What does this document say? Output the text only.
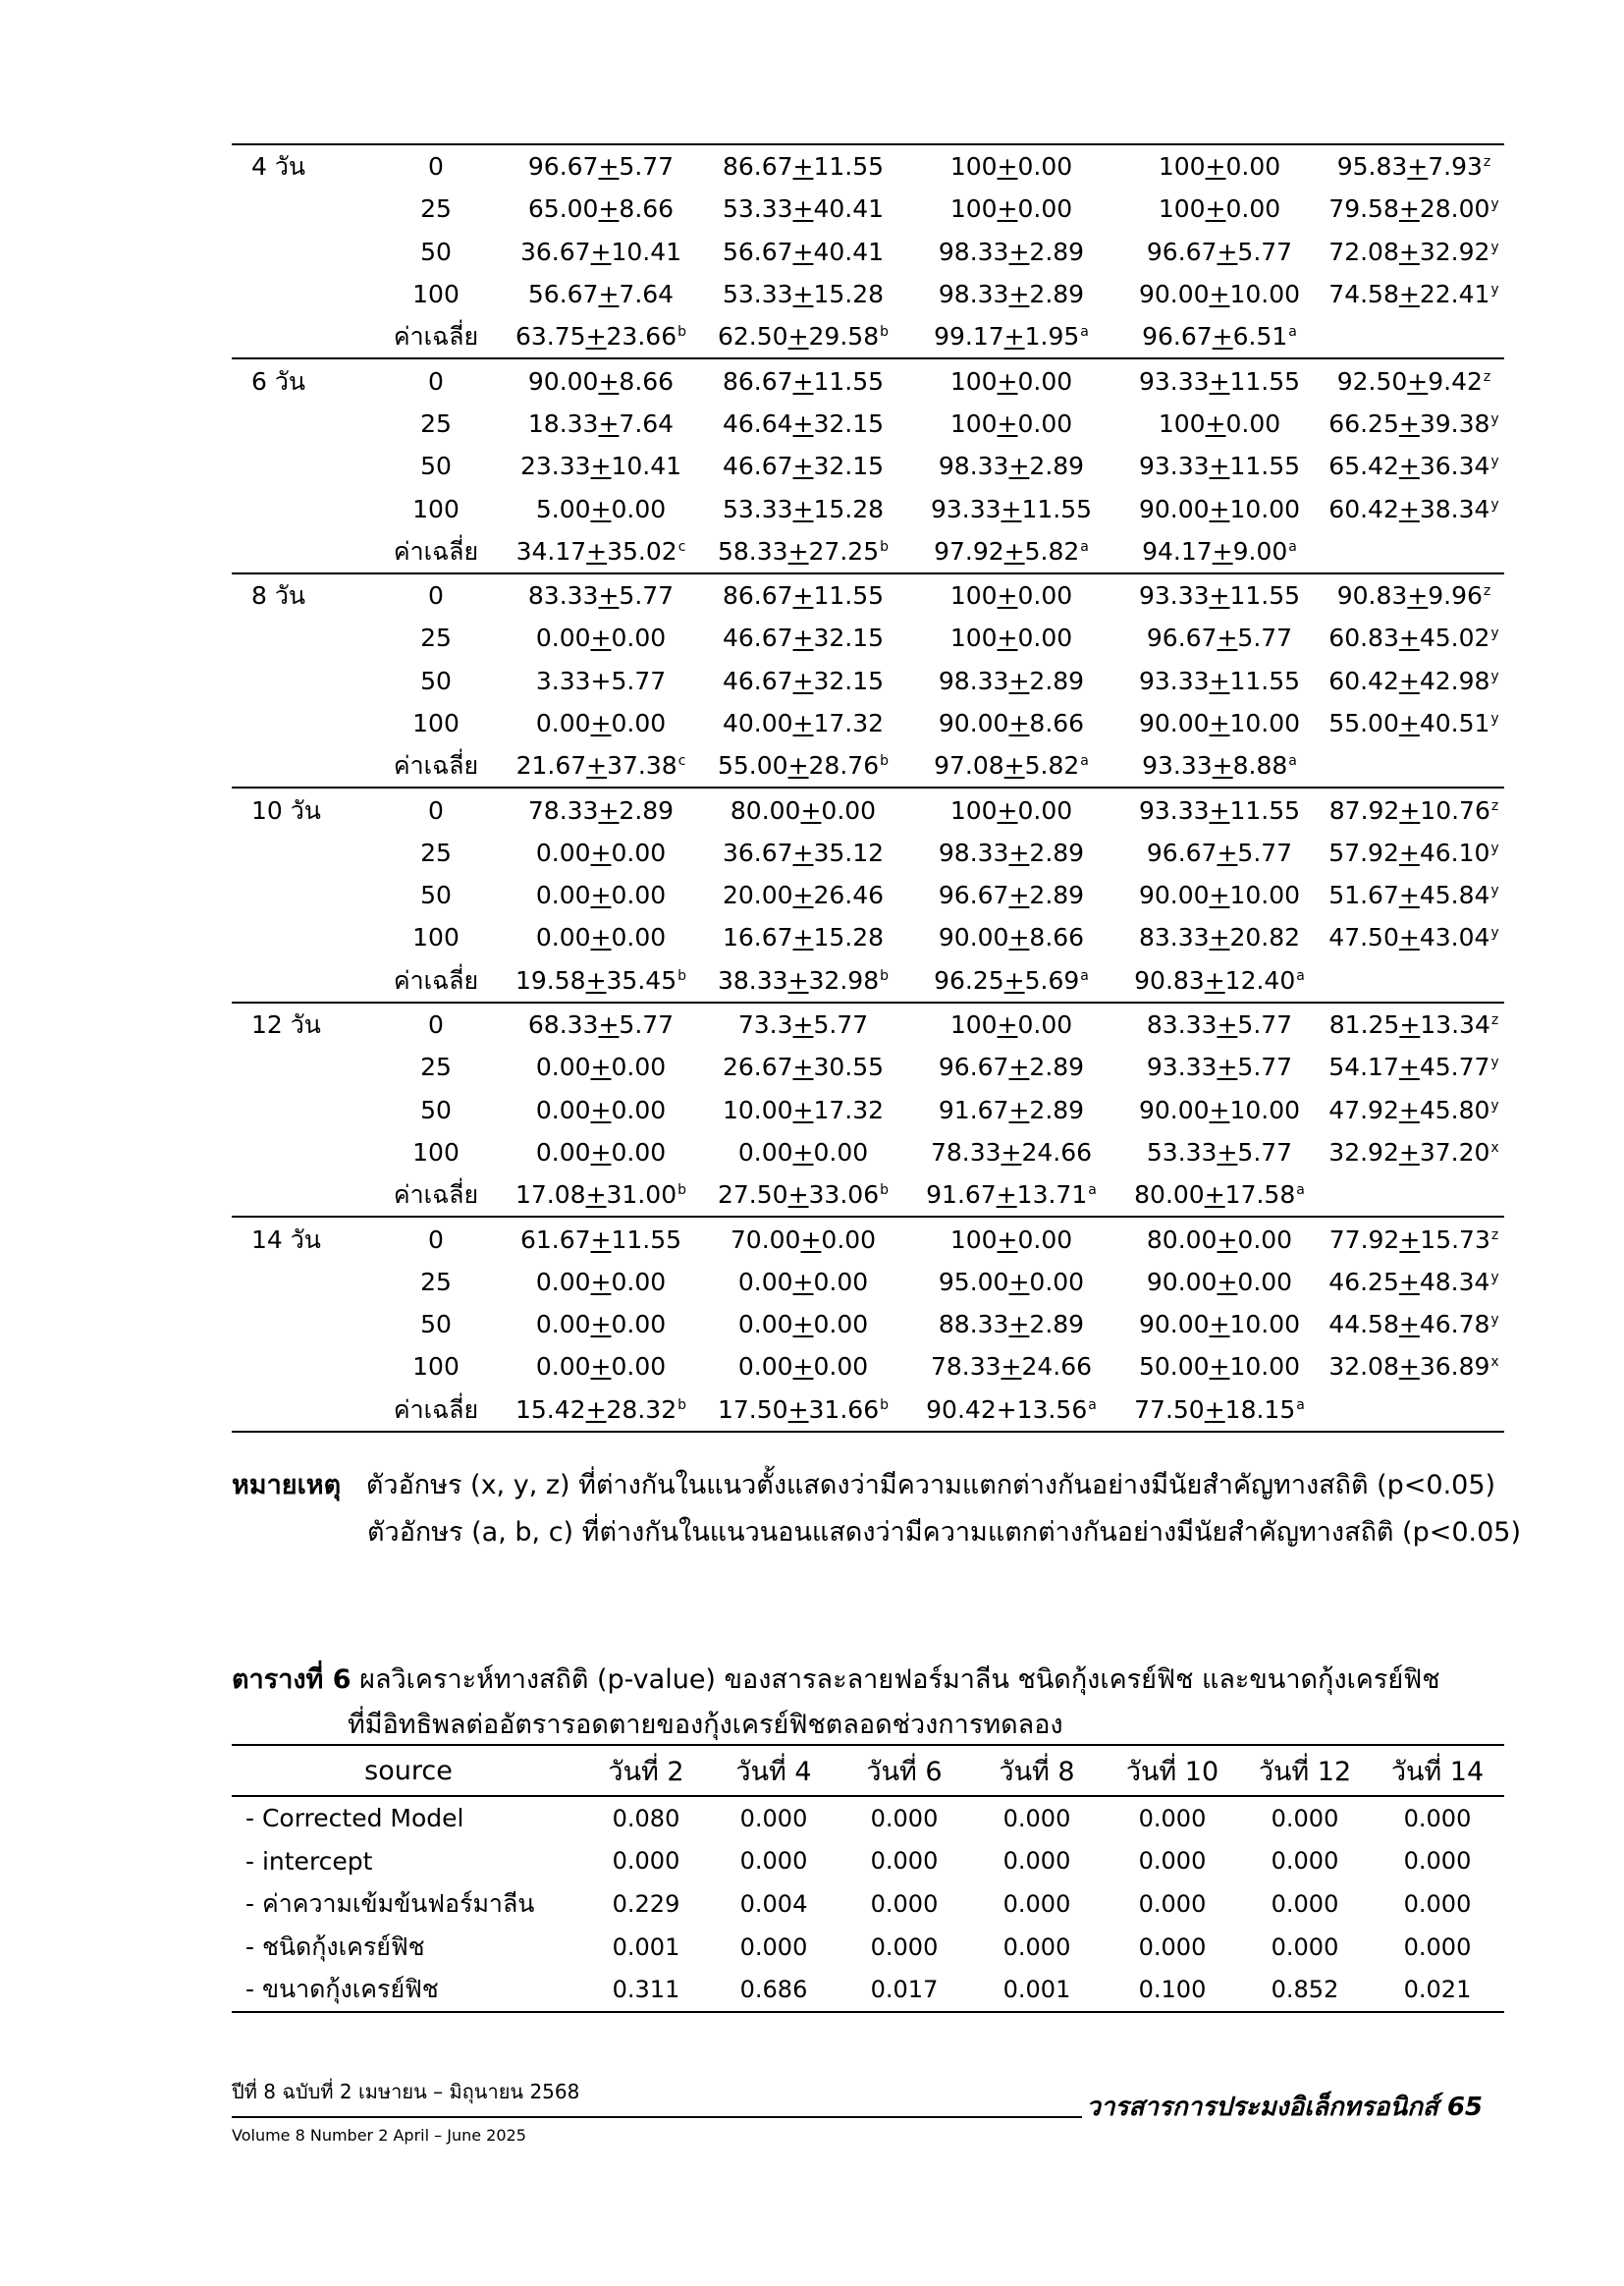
4 วัน	0	96.67+5.77	86.67+11.55	100+0.00	100+0.00	$95.83+7.93^z$
	25	65.00+8.66	53.33+40.41	100+0.00	100+0.00	$79.58+28.00^y$
	50	36.67+10.41	56.67+40.41	98.33+2.89	96.67+5.77	$72.08+32.92^y$
	100	56.67+7.64	53.33+15.28	98.33+2.89	90.00+10.00	$74.58+22.41^y$
	ค่าเฉลี่ย	63.75+23.66$^b$	62.50+29.58$^b$	99.17+1.95$^a$	96.67+6.51$^a$	
6 วัน	0	90.00+8.66	86.67+11.55	100+0.00	93.33+11.55	$92.50+9.42^z$
	25	18.33+7.64	46.64+32.15	100+0.00	100+0.00	$66.25+39.38^y$
	50	23.33+10.41	46.67+32.15	98.33+2.89	93.33+11.55	$65.42+36.34^y$
	100	5.00+0.00	53.33+15.28	93.33+11.55	90.00+10.00	$60.42+38.34^y$
	ค่าเฉลี่ย	34.17+35.02$^c$	58.33+27.25$^b$	97.92+5.82$^a$	94.17+9.00$^a$	
8 วัน	0	83.33+5.77	86.67+11.55	100+0.00	93.33+11.55	$90.83+9.96^z$
	25	0.00+0.00	46.67+32.15	100+0.00	96.67+5.77	$60.83+45.02^y$
	50	3.33+5.77	46.67+32.15	98.33+2.89	93.33+11.55	$60.42+42.98^y$
	100	0.00+0.00	40.00+17.32	90.00+8.66	90.00+10.00	$55.00+40.51^y$
	ค่าเฉลี่ย	21.67+37.38$^c$	55.00+28.76$^b$	97.08+5.82$^a$	93.33+8.88$^a$	
10 วัน	0	78.33+2.89	80.00+0.00	100+0.00	93.33+11.55	$87.92+10.76^z$
	25	0.00+0.00	36.67+35.12	98.33+2.89	96.67+5.77	$57.92+46.10^y$
	50	0.00+0.00	20.00+26.46	96.67+2.89	90.00+10.00	$51.67+45.84^y$
	100	0.00+0.00	16.67+15.28	90.00+8.66	83.33+20.82	$47.50+43.04^y$
	ค่าเฉลี่ย	19.58+35.45$^b$	38.33+32.98$^b$	96.25+5.69$^a$	90.83+12.40$^a$	
12 วัน	0	68.33+5.77	73.3+5.77	100+0.00	83.33+5.77	$81.25+13.34^z$
	25	0.00+0.00	26.67+30.55	96.67+2.89	93.33+5.77	$54.17+45.77^y$
	50	0.00+0.00	10.00+17.32	91.67+2.89	90.00+10.00	$47.92+45.80^y$
	100	0.00+0.00	0.00+0.00	78.33+24.66	53.33+5.77	$32.92+37.20^x$
	ค่าเฉลี่ย	17.08+31.00$^b$	27.50+33.06$^b$	91.67+13.71$^a$	80.00+17.58$^a$	
14 วัน	0	61.67+11.55	70.00+0.00	100+0.00	80.00+0.00	$77.92+15.73^z$
	25	0.00+0.00	0.00+0.00	95.00+0.00	90.00+0.00	$46.25+48.34^y$
	50	0.00+0.00	0.00+0.00	88.33+2.89	90.00+10.00	$44.58+46.78^y$
	100	0.00+0.00	0.00+0.00	78.33+24.66	50.00+10.00	$32.08+36.89^x$
	ค่าเฉลี่ย	15.42+28.32$^b$	17.50+31.66$^b$	90.42+13.56$^a$	77.50+18.15$^a$	
หมายเหตุ ตัวอักษร (x, y, z) ที่ต่างกันในแนวตั้งแสดงว่ามีความแตกต่างกันอย่างมีนัยสำคัญทางสถิติ (p<0.05)
ตัวอักษร (a, b, c) ที่ต่างกันในแนวนอนแสดงว่ามีความแตกต่างกันอย่างมีนัยสำคัญทางสถิติ (p<0.05)
ตารางที่ 6 ผลวิเคราะห์ทางสถิติ (p-value) ของสารละลายฟอร์มาลีน ชนิดกุ้งเครย์ฟิช และขนาดกุ้งเครย์ฟิช
ที่มีอิทธิพลต่ออัตรารอดตายของกุ้งเครย์ฟิชตลอดช่วงการทดลอง
source	วันที่ 2	วันที่ 4	วันที่ 6	วันที่ 8	วันที่ 10	วันที่ 12	วันที่ 14
- Corrected Model	0.080	0.000	0.000	0.000	0.000	0.000	0.000
- intercept	0.000	0.000	0.000	0.000	0.000	0.000	0.000
- ค่าความเข้มข้นฟอร์มาลีน	0.229	0.004	0.000	0.000	0.000	0.000	0.000
- ชนิดกุ้งเครย์ฟิช	0.001	0.000	0.000	0.000	0.000	0.000	0.000
- ขนาดกุ้งเครย์ฟิช	0.311	0.686	0.017	0.001	0.100	0.852	0.021
ปีที่ 8 ฉบับที่ 2 เมษายน – มิถุนายน 2568
วารสารการประมงอิเล็กทรอนิกส์ 65
Volume 8 Number 2 April – June 2025
